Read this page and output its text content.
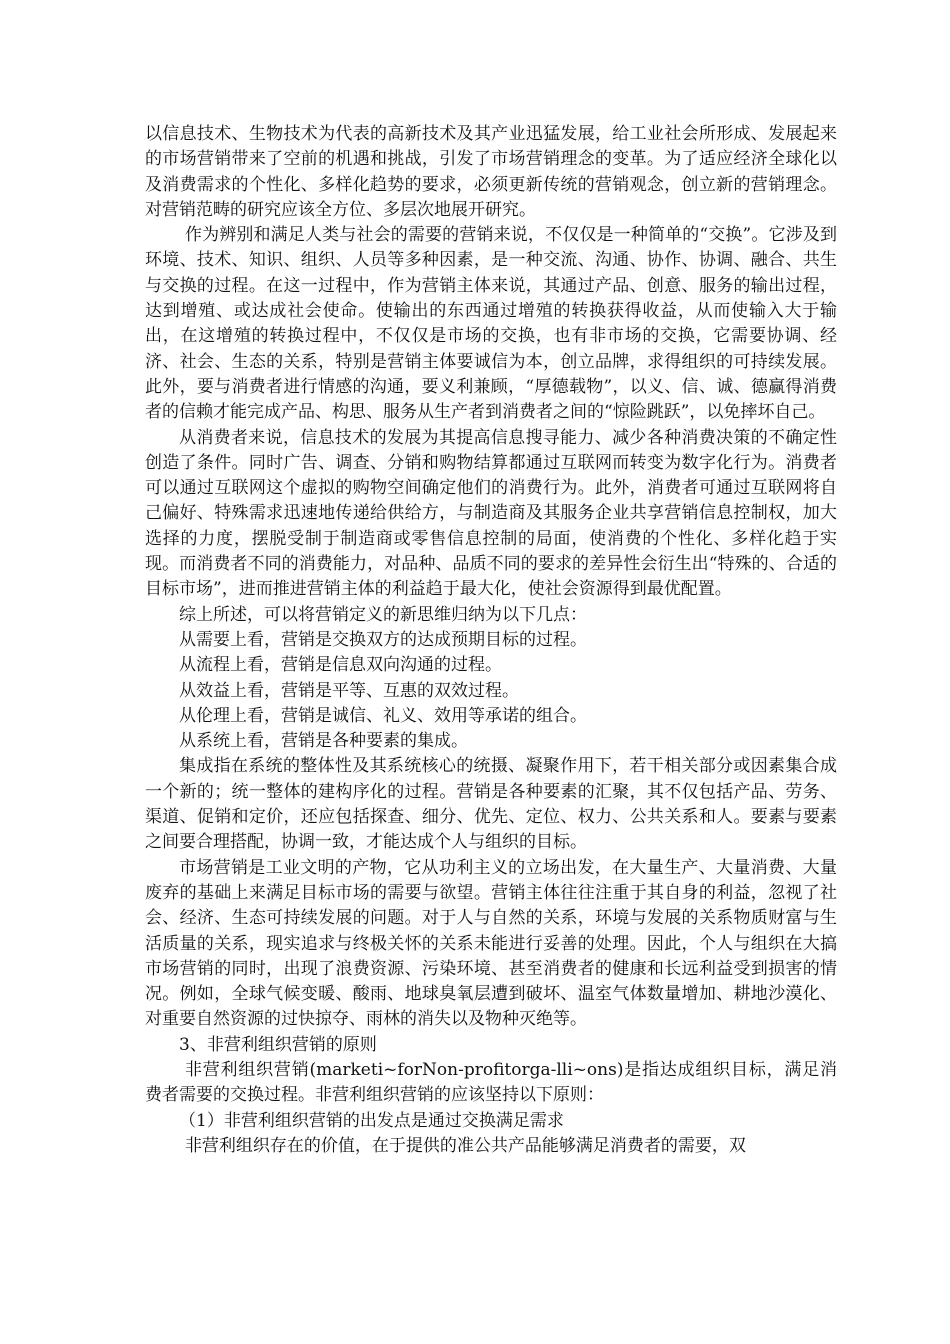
以信息技术、生物技术为代表的高新技术及其产业迅猛发展，给工业社会所形成、发展起来的市场营销带来了空前的机遇和挑战，引发了市场营销理念的变革。为了适应经济全球化以及消费需求的个性化、多样化趋势的要求，必须更新传统的营销观念，创立新的营销理念。对营销范畴的研究应该全方位、多层次地展开研究。

作为辨别和满足人类与社会的需要的营销来说，不仅仅是一种简单的“交换”。它涉及到环境、技术、知识、组织、人员等多种因素，是一种交流、沟通、协作、协调、融合、共生与交换的过程。在这一过程中，作为营销主体来说，其通过产品、创意、服务的输出过程，达到增殖、或达成社会使命。使输出的东西通过增殖的转换获得收益，从而使输入大于输出，在这增殖的转换过程中，不仅仅是市场的交换，也有非市场的交换，它需要协调、经济、社会、生态的关系，特别是营销主体要诚信为本，创立品牌，求得组织的可持续发展。此外，要与消费者进行情感的沟通，要义利兼顾，“厚德载物”，以义、信、诚、德赢得消费者的信赖才能完成产品、构思、服务从生产者到消费者之间的“惊险跳跃”，以免摔坏自己。

从消费者来说，信息技术的发展为其提高信息搜寻能力、减少各种消费决策的不确定性创造了条件。同时广告、调查、分销和购物结算都通过互联网而转变为数字化行为。消费者可以通过互联网这个虚拟的购物空间确定他们的消费行为。此外，消费者可通过互联网将自己偏好、特殊需求迅速地传递给供给方，与制造商及其服务企业共享营销信息控制权，加大选择的力度，摆脱受制于制造商或零售信息控制的局面，使消费的个性化、多样化趋于实现。而消费者不同的消费能力，对品种、品质不同的要求的差异性会衍生出“特殊的、合适的目标市场”，进而推进营销主体的利益趋于最大化，使社会资源得到最优配置。

综上所述，可以将营销定义的新思维归纳为以下几点：

从需要上看，营销是交换双方的达成预期目标的过程。

从流程上看，营销是信息双向沟通的过程。

从效益上看，营销是平等、互惠的双效过程。

从伦理上看，营销是诚信、礼义、效用等承诺的组合。

从系统上看，营销是各种要素的集成。

集成指在系统的整体性及其系统核心的统摄、凝聚作用下，若干相关部分或因素集合成一个新的；统一整体的建构序化的过程。营销是各种要素的汇聚，其不仅包括产品、劳务、渠道、促销和定价，还应包括探查、细分、优先、定位、权力、公共关系和人。要素与要素之间要合理搭配，协调一致，才能达成个人与组织的目标。

市场营销是工业文明的产物，它从功利主义的立场出发，在大量生产、大量消费、大量废弃的基础上来满足目标市场的需要与欲望。营销主体往往注重于其自身的利益，忽视了社会、经济、生态可持续发展的问题。对于人与自然的关系，环境与发展的关系物质财富与生活质量的关系，现实追求与终极关怀的关系未能进行妥善的处理。因此，个人与组织在大搞市场营销的同时，出现了浪费资源、污染环境、甚至消费者的健康和长远利益受到损害的情况。例如，全球气候变暖、酸雨、地球臭氧层遭到破坏、温室气体数量增加、耕地沙漠化、对重要自然资源的过快掠夺、雨林的消失以及物种灭绝等。

3、非营利组织营销的原则

非营利组织营销(marketi~forNon-profitorga-lli~ons)是指达成组织目标，满足消费者需要的交换过程。非营利组织营销的应该坚持以下原则：

（1）非营利组织营销的出发点是通过交换满足需求

非营利组织存在的价值，在于提供的准公共产品能够满足消费者的需要，双
